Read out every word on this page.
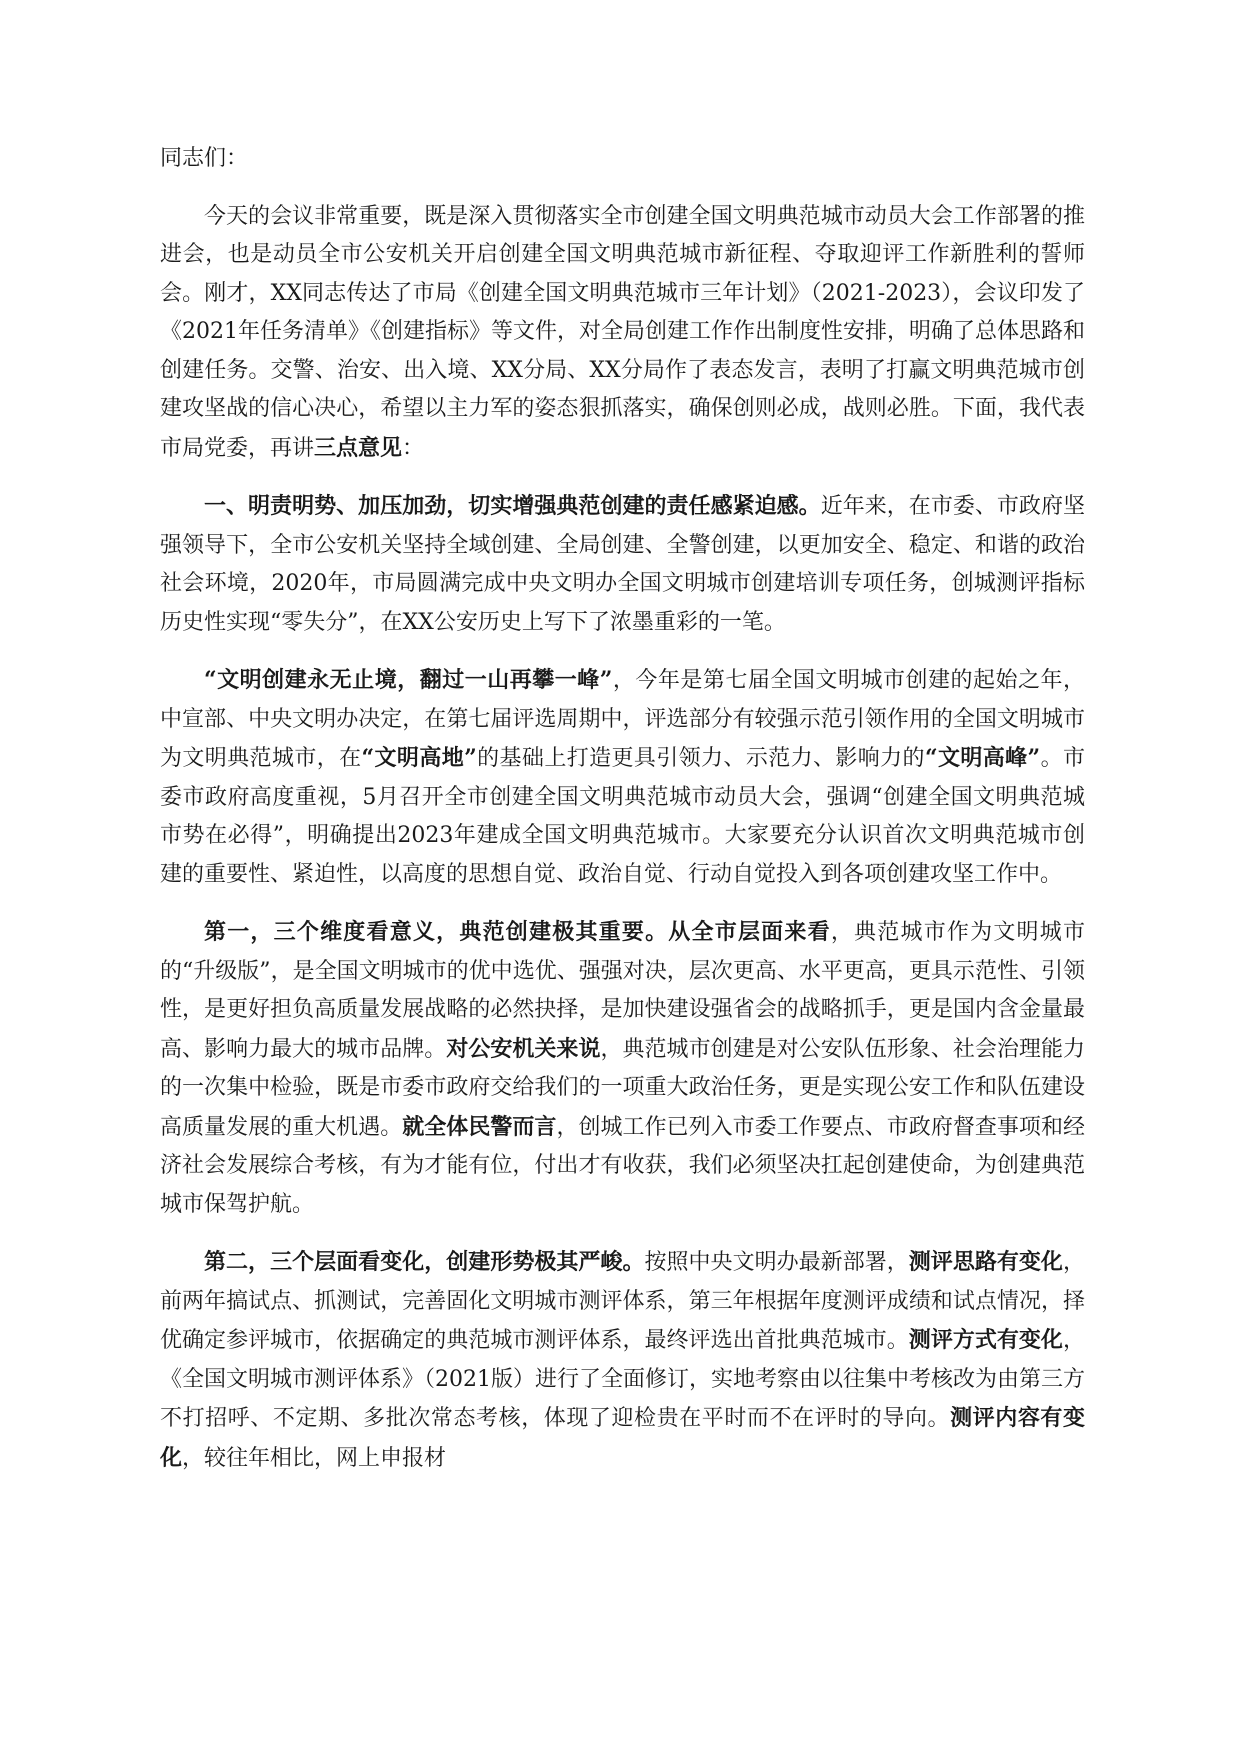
同志们：

今天的会议非常重要，既是深入贯彻落实全市创建全国文明典范城市动员大会工作部署的推进会，也是动员全市公安机关开启创建全国文明典范城市新征程、夺取迎评工作新胜利的誓师会。刚才，XX同志传达了市局《创建全国文明典范城市三年计划》（2021-2023），会议印发了《2021年任务清单》《创建指标》等文件，对全局创建工作作出制度性安排，明确了总体思路和创建任务。交警、治安、出入境、XX分局、XX分局作了表态发言，表明了打赢文明典范城市创建攻坚战的信心决心，希望以主力军的姿态狠抓落实，确保创则必成，战则必胜。下面，我代表市局党委，再讲三点意见：

一、明责明势、加压加劲，切实增强典范创建的责任感紧迫感。近年来，在市委、市政府坚强领导下，全市公安机关坚持全域创建、全局创建、全警创建，以更加安全、稳定、和谐的政治社会环境，2020年，市局圆满完成中央文明办全国文明城市创建培训专项任务，创城测评指标历史性实现“零失分”，在XX公安历史上写下了浓墨重彩的一笔。

“文明创建永无止境，翻过一山再攀一峰”，今年是第七届全国文明城市创建的起始之年，中宣部、中央文明办决定，在第七届评选周期中，评选部分有较强示范引领作用的全国文明城市为文明典范城市，在“文明高地”的基础上打造更具引领力、示范力、影响力的“文明高峰”。市委市政府高度重视，5月召开全市创建全国文明典范城市动员大会，强调“创建全国文明典范城市势在必得”，明确提出2023年建成全国文明典范城市。大家要充分认识首次文明典范城市创建的重要性、紧迫性，以高度的思想自觉、政治自觉、行动自觉投入到各项创建攻坚工作中。

第一，三个维度看意义，典范创建极其重要。从全市层面来看，典范城市作为文明城市的“升级版”，是全国文明城市的优中选优、强强对决，层次更高、水平更高，更具示范性、引领性，是更好担负高质量发展战略的必然抉择，是加快建设强省会的战略抓手，更是国内含金量最高、影响力最大的城市品牌。对公安机关来说，典范城市创建是对公安队伍形象、社会治理能力的一次集中检验，既是市委市政府交给我们的一项重大政治任务，更是实现公安工作和队伍建设高质量发展的重大机遇。就全体民警而言，创城工作已列入市委工作要点、市政府督查事项和经济社会发展综合考核，有为才能有位，付出才有收获，我们必须坚决扛起创建使命，为创建典范城市保驾护航。

第二，三个层面看变化，创建形势极其严峻。按照中央文明办最新部署，测评思路有变化，前两年搞试点、抓测试，完善固化文明城市测评体系，第三年根据年度测评成绩和试点情况，择优确定参评城市，依据确定的典范城市测评体系，最终评选出首批典范城市。测评方式有变化，《全国文明城市测评体系》（2021版）进行了全面修订，实地考察由以往集中考核改为由第三方不打招呼、不定期、多批次常态考核，体现了迎检贵在平时而不在评时的导向。测评内容有变化，较往年相比，网上申报材
